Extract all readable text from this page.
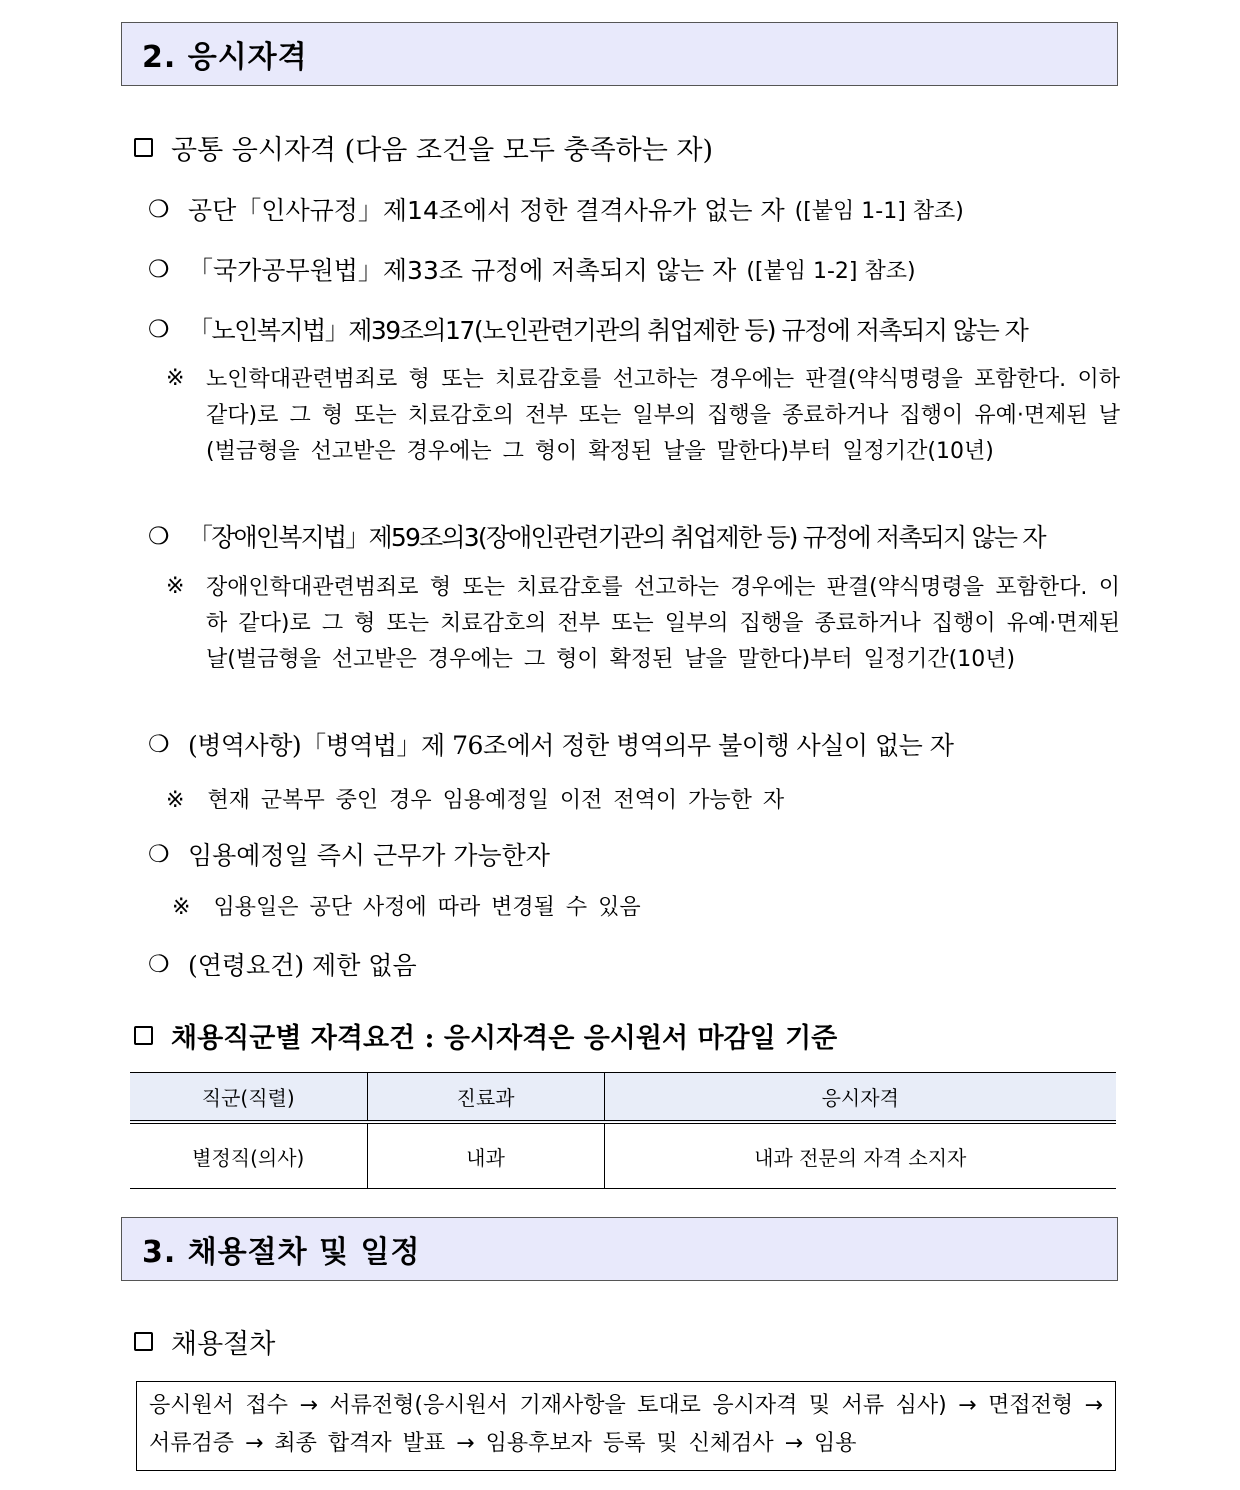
2. 응시자격
공통 응시자격 (다음 조건을 모두 충족하는 자)
❍ 공단「인사규정」제14조에서 정한 결격사유가 없는 자 ([붙임 1-1] 참조)
❍ 「국가공무원법」제33조 규정에 저촉되지 않는 자 ([붙임 1-2] 참조)
❍ 「노인복지법」제39조의17(노인관련기관의 취업제한 등) 규정에 저촉되지 않는 자
※ 노인학대관련범죄로 형 또는 치료감호를 선고하는 경우에는 판결(약식명령을 포함한다. 이하 같다)로 그 형 또는 치료감호의 전부 또는 일부의 집행을 종료하거나 집행이 유예·면제된 날(벌금형을 선고받은 경우에는 그 형이 확정된 날을 말한다)부터 일정기간(10년)
❍ 「장애인복지법」제59조의3(장애인관련기관의 취업제한 등) 규정에 저촉되지 않는 자
※ 장애인학대관련범죄로 형 또는 치료감호를 선고하는 경우에는 판결(약식명령을 포함한다. 이하 같다)로 그 형 또는 치료감호의 전부 또는 일부의 집행을 종료하거나 집행이 유예·면제된 날(벌금형을 선고받은 경우에는 그 형이 확정된 날을 말한다)부터 일정기간(10년)
❍ (병역사항)「병역법」제 76조에서 정한 병역의무 불이행 사실이 없는 자
※ 현재 군복무 중인 경우 임용예정일 이전 전역이 가능한 자
❍ 임용예정일 즉시 근무가 가능한자
※ 임용일은 공단 사정에 따라 변경될 수 있음
❍ (연령요건) 제한 없음
채용직군별 자격요건 : 응시자격은 응시원서 마감일 기준
직군(직렬)	진료과	응시자격
별정직(의사)	내과	내과 전문의 자격 소지자
3. 채용절차 및 일정
채용절차
응시원서 접수 → 서류전형(응시원서 기재사항을 토대로 응시자격 및 서류 심사) → 면접전형 → 서류검증 → 최종 합격자 발표 → 임용후보자 등록 및 신체검사 → 임용
